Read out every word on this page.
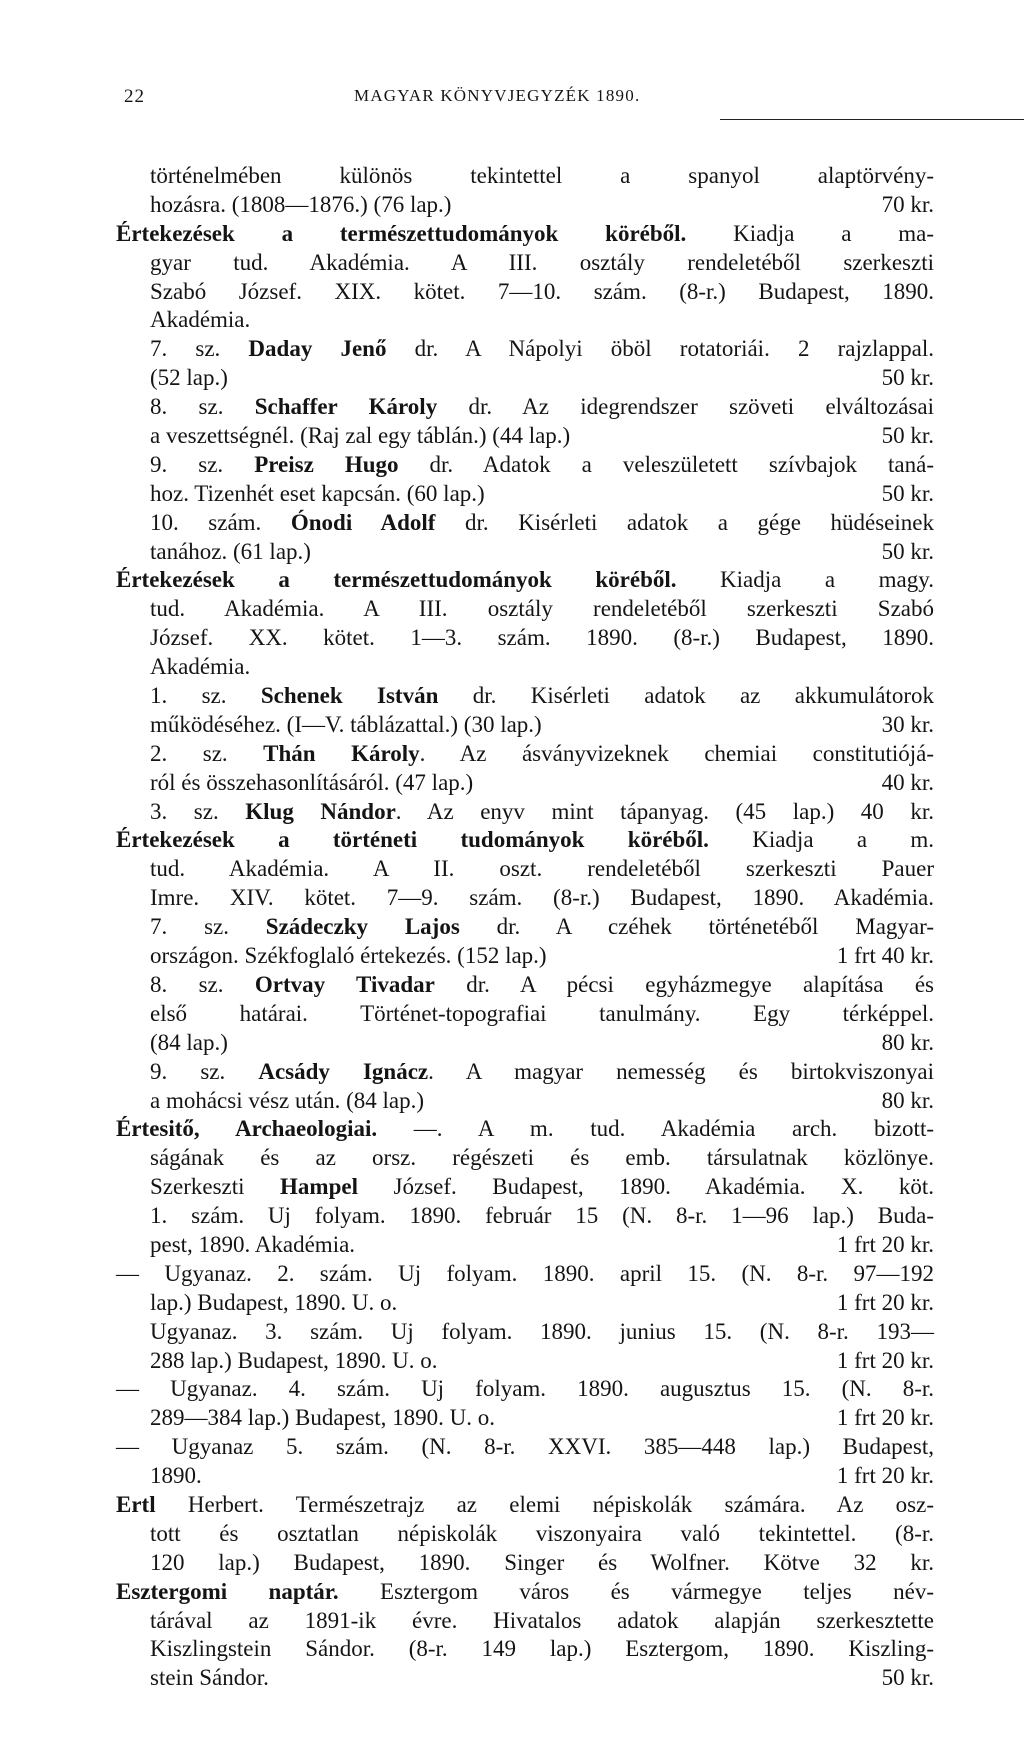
22	MAGYAR KÖNYVJEGYZÉK 1890.
történelmében különös tekintettel a spanyol alaptörvény-
hozásra. (1808—1876.) (76 lap.)	70 kr.
Értekezések a természettudományok köréből. Kiadja a ma-
gyar tud. Akadémia. A III. osztály rendeletéből szerkeszti
Szabó József. XIX. kötet. 7—10. szám. (8-r.) Budapest, 1890.
Akadémia.
7. sz. Daday Jenő dr. A Nápolyi öböl rotatoriái. 2 rajzlappal.
(52 lap.)	50 kr.
8. sz. Schaffer Károly dr. Az idegrendszer szöveti elváltozásai
a veszettségnél. (Raj zal egy táblán.) (44 lap.)	50 kr.
9. sz. Preisz Hugo dr. Adatok a veleszületett szívbajok taná-
hoz. Tizenhét eset kapcsán. (60 lap.)	50 kr.
10. szám. Ónodi Adolf dr. Kisérleti adatok a gége hüdéseinek
tanához. (61 lap.)	50 kr.
Értekezések a természettudományok köréből. Kiadja a magy.
tud. Akadémia. A III. osztály rendeletéből szerkeszti Szabó
József. XX. kötet. 1—3. szám. 1890. (8-r.) Budapest, 1890.
Akadémia.
1. sz. Schenek István dr. Kisérleti adatok az akkumulátorok
működéséhez. (I—V. táblázattal.) (30 lap.)	30 kr.
2. sz. Thán Károly. Az ásványvizeknek chemiai constitutiójá-
ról és összehasonlításáról. (47 lap.)	40 kr.
3. sz. Klug Nándor. Az enyv mint tápanyag. (45 lap.) 40 kr.
Értekezések a történeti tudományok köréből. Kiadja a m.
tud. Akadémia. A II. oszt. rendeletéből szerkeszti Pauer
Imre. XIV. kötet. 7—9. szám. (8-r.) Budapest, 1890. Akadémia.
7. sz. Szádeczky Lajos dr. A czéhek történetéből Magyar-
országon. Székfoglaló értekezés. (152 lap.)	1 frt 40 kr.
8. sz. Ortvay Tivadar dr. A pécsi egyházmegye alapítása és
első határai. Történet-topografiai tanulmány. Egy térképpel.
(84 lap.)	80 kr.
9. sz. Acsády Ignácz. A magyar nemesség és birtokviszonyai
a mohácsi vész után. (84 lap.)	80 kr.
Értesitő, Archaeologiai. —. A m. tud. Akadémia arch. bizott-
ságának és az orsz. régészeti és emb. társulatnak közlönye.
Szerkeszti Hampel József. Budapest, 1890. Akadémia. X. köt.
1. szám. Uj folyam. 1890. február 15 (N. 8-r. 1—96 lap.) Buda-
pest, 1890. Akadémia.	1 frt 20 kr.
— Ugyanaz. 2. szám. Uj folyam. 1890. april 15. (N. 8-r. 97—192
lap.) Budapest, 1890. U. o.	1 frt 20 kr.
Ugyanaz. 3. szám. Uj folyam. 1890. junius 15. (N. 8-r. 193—
288 lap.) Budapest, 1890. U. o.	1 frt 20 kr.
— Ugyanaz. 4. szám. Uj folyam. 1890. augusztus 15. (N. 8-r.
289—384 lap.) Budapest, 1890. U. o.	1 frt 20 kr.
— Ugyanaz 5. szám. (N. 8-r. XXVI. 385—448 lap.) Budapest,
1890.	1 frt 20 kr.
Ertl Herbert. Természetrajz az elemi népiskolák számára. Az osz-
tott és osztatlan népiskolák viszonyaira való tekintettel. (8-r.
120 lap.) Budapest, 1890. Singer és Wolfner. Kötve 32 kr.
Esztergomi naptár. Esztergom város és vármegye teljes név-
tárával az 1891-ik évre. Hivatalos adatok alapján szerkesztette
Kiszlingstein Sándor. (8-r. 149 lap.) Esztergom, 1890. Kiszling-
stein Sándor.	50 kr.
